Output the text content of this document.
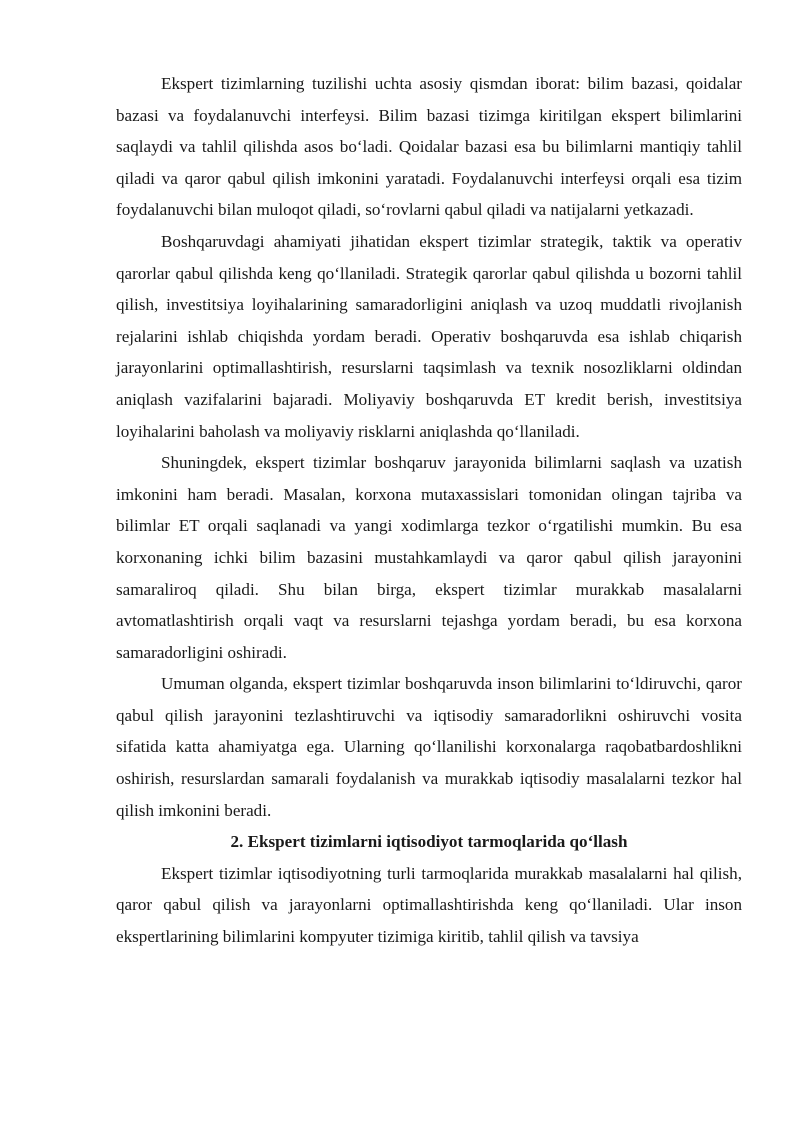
Ekspert tizimlarning tuzilishi uchta asosiy qismdan iborat: bilim bazasi, qoidalar bazasi va foydalanuvchi interfeysi. Bilim bazasi tizimga kiritilgan ekspert bilimlarini saqlaydi va tahlil qilishda asos bo‘ladi. Qoidalar bazasi esa bu bilimlarni mantiqiy tahlil qiladi va qaror qabul qilish imkonini yaratadi. Foydalanuvchi interfeysi orqali esa tizim foydalanuvchi bilan muloqot qiladi, so‘rovlarni qabul qiladi va natijalarni yetkazadi.

Boshqaruvdagi ahamiyati jihatidan ekspert tizimlar strategik, taktik va operativ qarorlar qabul qilishda keng qo‘llaniladi. Strategik qarorlar qabul qilishda u bozorni tahlil qilish, investitsiya loyihalarining samaradorligini aniqlash va uzoq muddatli rivojlanish rejalarini ishlab chiqishda yordam beradi. Operativ boshqaruvda esa ishlab chiqarish jarayonlarini optimallashtirish, resurslarni taqsimlash va texnik nosozliklarni oldindan aniqlash vazifalarini bajaradi. Moliyaviy boshqaruvda ET kredit berish, investitsiya loyihalarini baholash va moliyaviy risklarni aniqlashda qo‘llaniladi.

Shuningdek, ekspert tizimlar boshqaruv jarayonida bilimlarni saqlash va uzatish imkonini ham beradi. Masalan, korxona mutaxassislari tomonidan olingan tajriba va bilimlar ET orqali saqlanadi va yangi xodimlarga tezkor o‘rgatilishi mumkin. Bu esa korxonaning ichki bilim bazasini mustahkamlaydi va qaror qabul qilish jarayonini samaraliroq qiladi. Shu bilan birga, ekspert tizimlar murakkab masalalarni avtomatlashtirish orqali vaqt va resurslarni tejashga yordam beradi, bu esa korxona samaradorligini oshiradi.

Umuman olganda, ekspert tizimlar boshqaruvda inson bilimlarini to‘ldiruvchi, qaror qabul qilish jarayonini tezlashtiruvchi va iqtisodiy samaradorlikni oshiruvchi vosita sifatida katta ahamiyatga ega. Ularning qo‘llanilishi korxonalarga raqobatbardoshlikni oshirish, resurslardan samarali foydalanish va murakkab iqtisodiy masalalarni tezkor hal qilish imkonini beradi.

2. Ekspert tizimlarni iqtisodiyot tarmoqlarida qo‘llash

Ekspert tizimlar iqtisodiyotning turli tarmoqlarida murakkab masalalarni hal qilish, qaror qabul qilish va jarayonlarni optimallashtirishda keng qo‘llaniladi. Ular inson ekspertlarining bilimlarini kompyuter tizimiga kiritib, tahlil qilish va tavsiya
